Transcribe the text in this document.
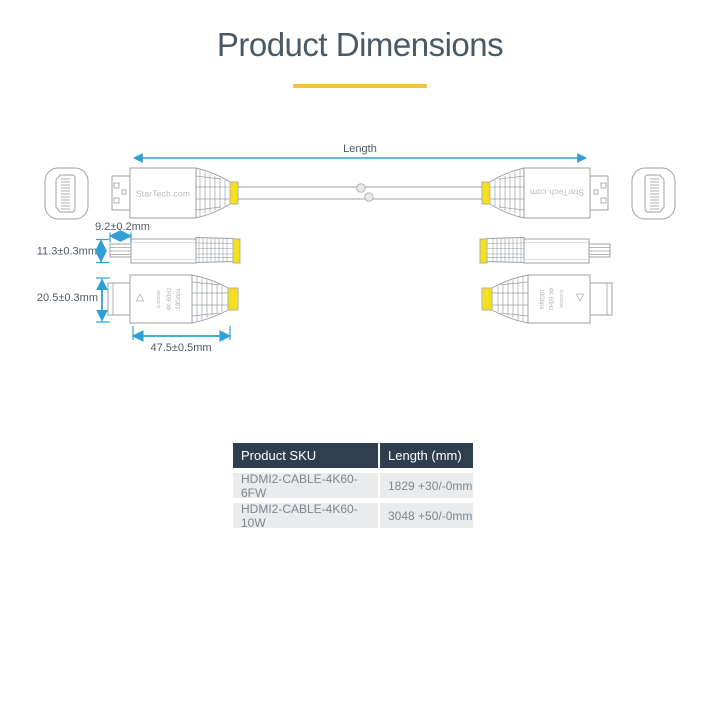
Product Dimensions
Length
StarTech.com	StarTech.com
9.2±0.2mm
11.3±0.3mm
20.5±0.3mm
47.5±0.5mm
0-2833W 4K 60Hz 18Gbps	0-2833W
4K 60Hz
18Gbps
Product SKU	Length (mm)
HDMI2-CABLE-4K60-6FW	1829 +30/-0mm
HDMI2-CABLE-4K60-10W	3048 +50/-0mm
